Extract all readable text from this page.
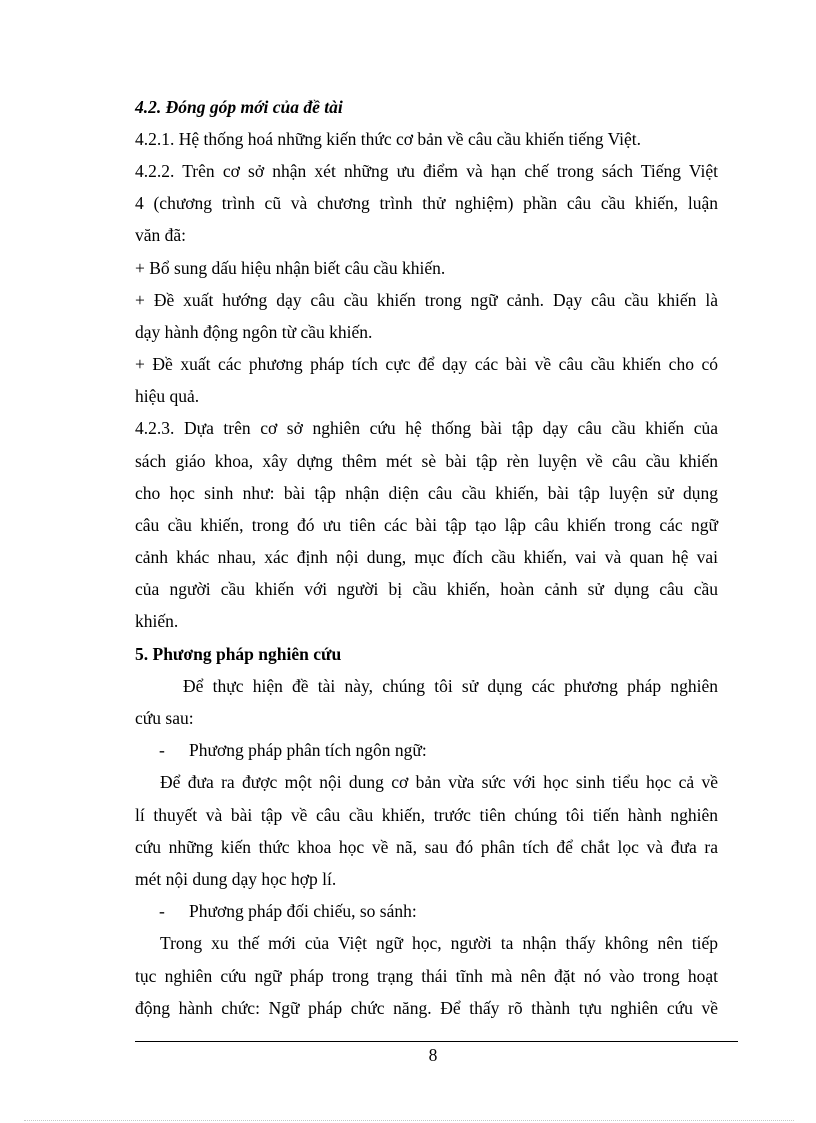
4.2. Đóng góp mới của đề tài
4.2.1. Hệ thống hoá những kiến thức cơ bản về câu cầu khiến tiếng Việt.
4.2.2. Trên cơ sở nhận xét những ưu điểm và hạn chế trong sách Tiếng Việt
4 (chương trình cũ và chương trình thử nghiệm) phần câu cầu khiến, luận
văn đã:
+ Bổ sung dấu hiệu nhận biết câu cầu khiến.
+ Đề xuất hướng dạy câu cầu khiến trong ngữ cảnh. Dạy câu cầu khiến là
dạy hành động ngôn từ cầu khiến.
+ Đề xuất các phương pháp tích cực để dạy các bài về câu cầu khiến cho có
hiệu quả.
4.2.3. Dựa trên cơ sở nghiên cứu hệ thống bài tập dạy câu cầu khiến của
sách giáo khoa, xây dựng thêm mét sè bài tập rèn luyện về câu cầu khiến
cho học sinh như: bài tập nhận diện câu cầu khiến, bài tập luyện sử dụng
câu cầu khiến, trong đó ưu tiên các bài tập tạo lập câu khiến trong các ngữ
cảnh khác nhau, xác định nội dung, mục đích cầu khiến, vai và quan hệ vai
của người cầu khiến với người bị cầu khiến, hoàn cảnh sử dụng câu cầu
khiến.
5. Phương pháp nghiên cứu
Để thực hiện đề tài này, chúng tôi sử dụng các phương pháp nghiên
cứu sau:
- Phương pháp phân tích ngôn ngữ:
Để đưa ra được một nội dung cơ bản vừa sức với học sinh tiểu học cả về
lí thuyết và bài tập về câu cầu khiến, trước tiên chúng tôi tiến hành nghiên
cứu những kiến thức khoa học về nã, sau đó phân tích để chắt lọc và đưa ra
mét nội dung dạy học hợp lí.
- Phương pháp đối chiếu, so sánh:
Trong xu thế mới của Việt ngữ học, người ta nhận thấy không nên tiếp
tục nghiên cứu ngữ pháp trong trạng thái tĩnh mà nên đặt nó vào trong hoạt
động hành chức: Ngữ pháp chức năng. Để thấy rõ thành tựu nghiên cứu về
8
